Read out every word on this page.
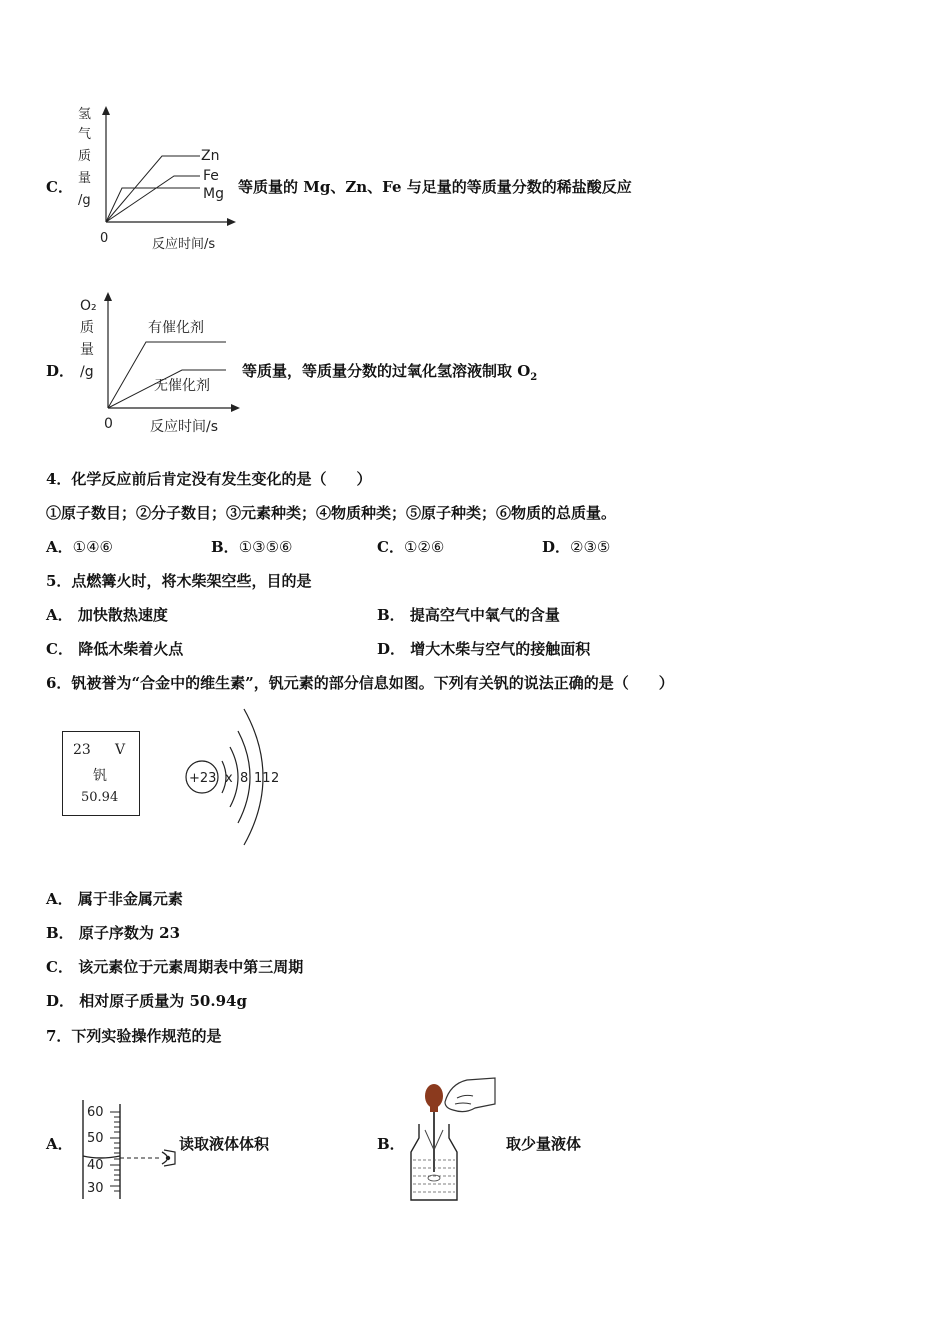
C．
氢
气
质
量
/g
0	反应时间/s
Zn
Fe
Mg 等质量的 Mg、Zn、Fe 与足量的等质量分数的稀盐酸反应
D．
O₂
质
量
/g
0	反应时间/s
有催化剂
无催化剂
等质量，等质量分数的过氧化氢溶液制取 $O_2$
4．化学反应前后肯定没有发生变化的是（　　）
①原子数目；②分子数目；③元素种类；④物质种类；⑤原子种类；⑥物质的总质量。
A．①④⑥	B．①③⑤⑥	C．①②⑥	D．②③⑤
5．点燃篝火时，将木柴架空些，目的是
A． 加快散热速度	B． 提高空气中氧气的含量
C． 降低木柴着火点	D． 增大木柴与空气的接触面积
6．钒被誉为“合金中的维生素”，钒元素的部分信息如图。下列有关钒的说法正确的是（　　）
23 V
钒
50.94
+23 x 8 11 2
A． 属于非金属元素
B． 原子序数为 23
C． 该元素位于元素周期表中第三周期
D． 相对原子质量为 50.94g
7．下列实验操作规范的是
A．
60
50
40
30
读取液体体积	B．	取少量液体
